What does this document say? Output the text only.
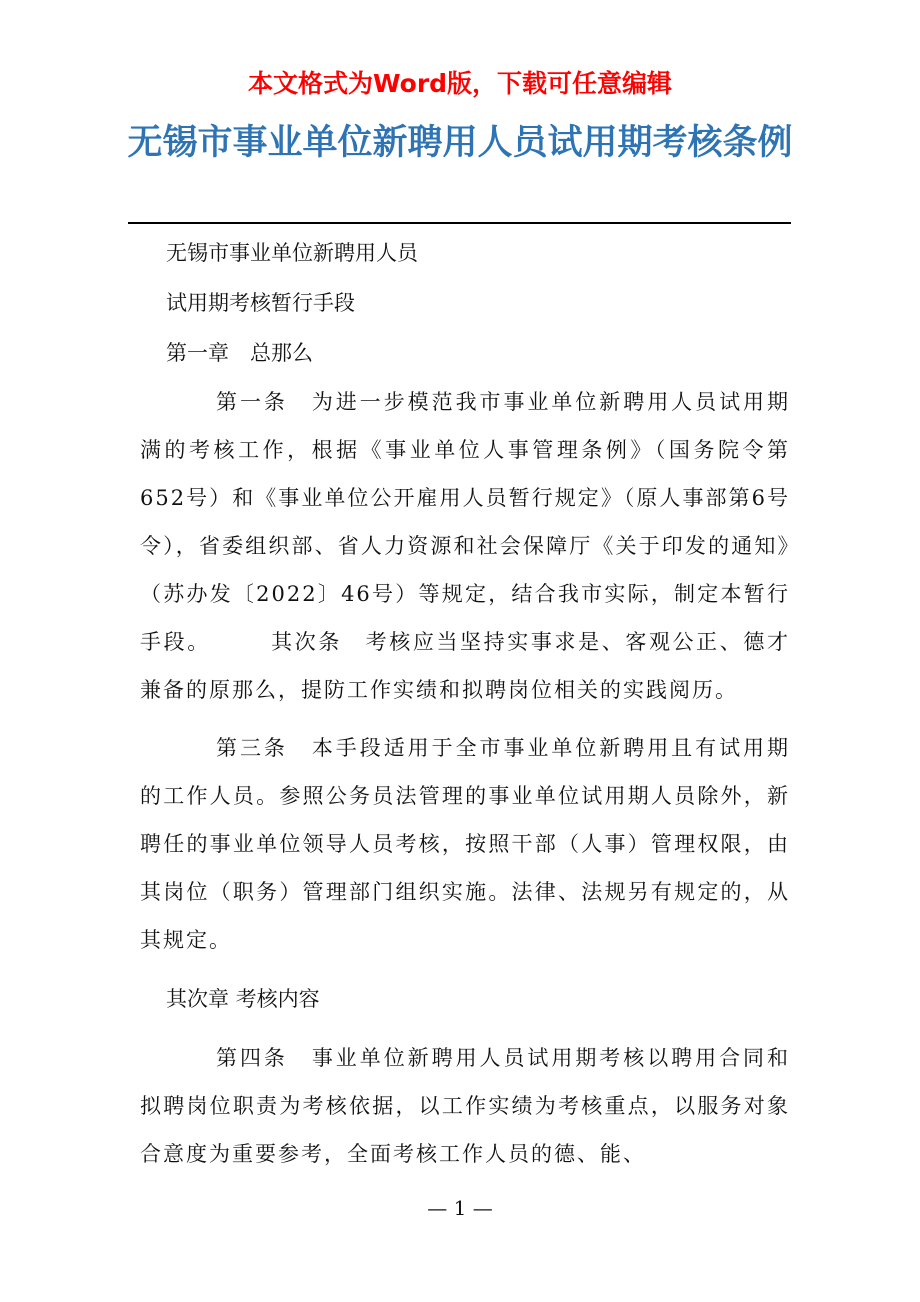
本文格式为Word版，下载可任意编辑

无锡市事业单位新聘用人员试用期考核条例

无锡市事业单位新聘用人员

试用期考核暂行手段

第一章　总那么

第一条　为进一步模范我市事业单位新聘用人员试用期满的考核工作，根据《事业单位人事管理条例》（国务院令第652号）和《事业单位公开雇用人员暂行规定》（原人事部第6号令），省委组织部、省人力资源和社会保障厅《关于印发的通知》（苏办发〔2022〕46号）等规定，结合我市实际，制定本暂行手段。　　　其次条　考核应当坚持实事求是、客观公正、德才兼备的原那么，提防工作实绩和拟聘岗位相关的实践阅历。

第三条　本手段适用于全市事业单位新聘用且有试用期的工作人员。参照公务员法管理的事业单位试用期人员除外，新聘任的事业单位领导人员考核，按照干部（人事）管理权限，由其岗位（职务）管理部门组织实施。法律、法规另有规定的，从其规定。

其次章 考核内容

第四条　事业单位新聘用人员试用期考核以聘用合同和拟聘岗位职责为考核依据，以工作实绩为考核重点，以服务对象合意度为重要参考，全面考核工作人员的德、能、

— 1 —
